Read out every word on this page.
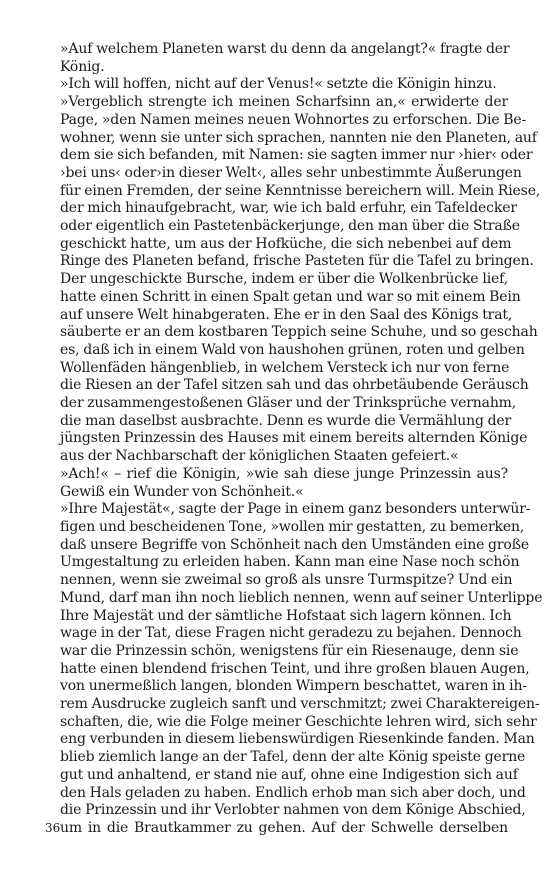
»Auf welchem Planeten warst du denn da angelangt?« fragte der
König.

»Ich will hoffen, nicht auf der Venus!« setzte die Königin hinzu.

»Vergeblich strengte ich meinen Scharfsinn an,« erwiderte der
Page, »den Namen meines neuen Wohnortes zu erforschen. Die Be-
wohner, wenn sie unter sich sprachen, nannten nie den Planeten, auf
dem sie sich befanden, mit Namen: sie sagten immer nur ›hier‹ oder
›bei uns‹ oder›in dieser Welt‹, alles sehr unbestimmte Äußerungen
für einen Fremden, der seine Kenntnisse bereichern will. Mein Riese,
der mich hinaufgebracht, war, wie ich bald erfuhr, ein Tafeldecker
oder eigentlich ein Pastetenbäckerjunge, den man über die Straße
geschickt hatte, um aus der Hofküche, die sich nebenbei auf dem
Ringe des Planeten befand, frische Pasteten für die Tafel zu bringen.
Der ungeschickte Bursche, indem er über die Wolkenbrücke lief,
hatte einen Schritt in einen Spalt getan und war so mit einem Bein
auf unsere Welt hinabgeraten. Ehe er in den Saal des Königs trat,
säuberte er an dem kostbaren Teppich seine Schuhe, und so geschah
es, daß ich in einem Wald von haushohen grünen, roten und gelben
Wollenfäden hängenblieb, in welchem Versteck ich nur von ferne
die Riesen an der Tafel sitzen sah und das ohrbetäubende Geräusch
der zusammengestoßenen Gläser und der Trinksprüche vernahm,
die man daselbst ausbrachte. Denn es wurde die Vermählung der
jüngsten Prinzessin des Hauses mit einem bereits alternden Könige
aus der Nachbarschaft der königlichen Staaten gefeiert.«

»Ach!« – rief die Königin, »wie sah diese junge Prinzessin aus?
Gewiß ein Wunder von Schönheit.«

»Ihre Majestät«, sagte der Page in einem ganz besonders unterwür-
figen und bescheidenen Tone, »wollen mir gestatten, zu bemerken,
daß unsere Begriffe von Schönheit nach den Umständen eine große
Umgestaltung zu erleiden haben. Kann man eine Nase noch schön
nennen, wenn sie zweimal so groß als unsre Turmspitze? Und ein
Mund, darf man ihn noch lieblich nennen, wenn auf seiner Unterlippe
Ihre Majestät und der sämtliche Hofstaat sich lagern können. Ich
wage in der Tat, diese Fragen nicht geradezu zu bejahen. Dennoch
war die Prinzessin schön, wenigstens für ein Riesenauge, denn sie
hatte einen blendend frischen Teint, und ihre großen blauen Augen,
von unermeßlich langen, blonden Wimpern beschattet, waren in ih-
rem Ausdrucke zugleich sanft und verschmitzt; zwei Charaktereigen-
schaften, die, wie die Folge meiner Geschichte lehren wird, sich sehr
eng verbunden in diesem liebenswürdigen Riesenkinde fanden. Man
blieb ziemlich lange an der Tafel, denn der alte König speiste gerne
gut und anhaltend, er stand nie auf, ohne eine Indigestion sich auf
den Hals geladen zu haben. Endlich erhob man sich aber doch, und
die Prinzessin und ihr Verlobter nahmen von dem Könige Abschied,
um in die Brautkammer zu gehen. Auf der Schwelle derselben

36
